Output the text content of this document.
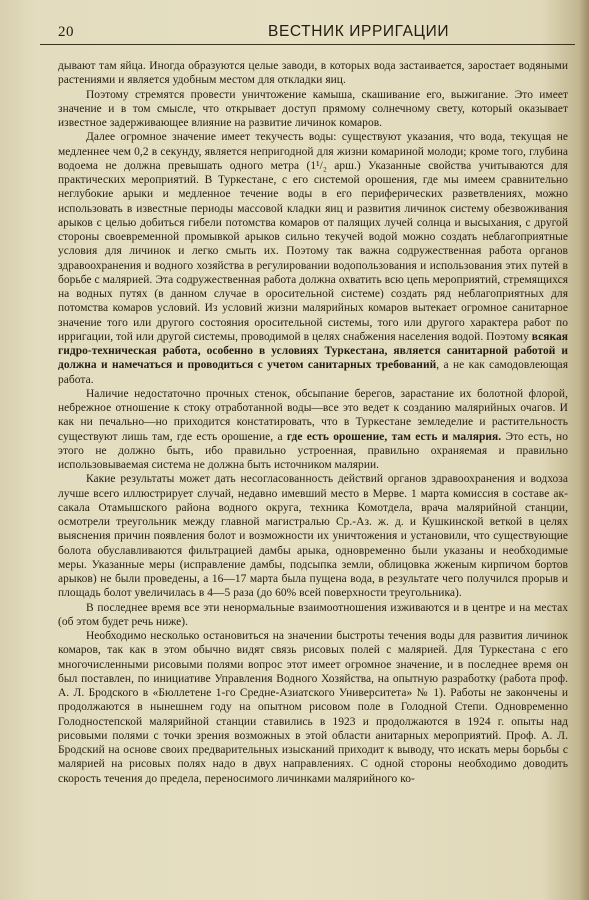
20	ВЕСТНИК ИРРИГАЦИИ

дывают там яйца. Иногда образуются целые заводи, в которых вода застаивается, заростает водяными растениями и является удобным местом для откладки яиц.

Поэтому стремятся провести уничтожение камыша, скашивание его, выжигание. Это имеет значение и в том смысле, что открывает доступ прямому солнечному свету, который оказывает известное задерживающее влияние на развитие личинок комаров.

Далее огромное значение имеет текучесть воды: существуют указания, что вода, текущая не медленнее чем 0,2 в секунду, является непригодной для жизни комариной молоди; кроме того, глубина водоема не должна превышать одного метра (1¹/₂ арш.) Указанные свойства учитываются для практических мероприятий. В Туркестане, с его системой орошения, где мы имеем сравнительно неглубокие арыки и медленное течение воды в его периферических разветвлениях, можно использовать в известные периоды массовой кладки яиц и развития личинок систему обезвоживания арыков с целью добиться гибели потомства комаров от палящих лучей солнца и высыхания, с другой стороны своевременной промывкой арыков сильно текучей водой можно создать неблагоприятные условия для личинок и легко смыть их. Поэтому так важна содружественная работа органов здравоохранения и водного хозяйства в регулировании водопользования и использования этих путей в борьбе с малярией. Эта содружественная работа должна охватить всю цепь мероприятий, стремящихся на водных путях (в данном случае в оросительной системе) создать ряд неблагоприятных для потомства комаров условий. Из условий жизни малярийных комаров вытекает огромное санитарное значение того или другого состояния оросительной системы, того или другого характера работ по ирригации, той или другой системы, проводимой в целях снабжения населения водой. Поэтому всякая гидро-техническая работа, особенно в условиях Туркестана, является санитарной работой и должна и намечаться и проводиться с учетом санитарных требований, а не как самодовлеющая работа.

Наличие недостаточно прочных стенок, обсыпание берегов, зарастание их болотной флорой, небрежное отношение к стоку отработанной воды—все это ведет к созданию малярийных очагов. И как ни печально—но приходится констатировать, что в Туркестане земледелие и растительность существуют лишь там, где есть орошение, а где есть орошение, там есть и малярия. Это есть, но этого не должно быть, ибо правильно устроенная, правильно охраняемая и правильно использовываемая система не должна быть источником малярии.

Какие результаты может дать несогласованность действий органов здравоохранения и водхоза лучше всего иллюстрирует случай, недавно имевший место в Мерве. 1 марта комиссия в составе ак-сакала Отамышского района водного округа, техника Комотдела, врача малярийной станции, осмотрели треугольник между главной магистралью Ср.-Аз. ж. д. и Кушкинской веткой в целях выяснения причин появления болот и возможности их уничтожения и установили, что существующие болота обуславливаются фильтрацией дамбы арыка, одновременно были указаны и необходимые меры. Указанные меры (исправление дамбы, подсыпка земли, облицовка жженым кирпичом бортов арыков) не были проведены, а 16—17 марта была пущена вода, в результате чего получился прорыв и площадь болот увеличилась в 4—5 раза (до 60% всей поверхности треугольника).

В последнее время все эти ненормальные взаимоотношения изживаются и в центре и на местах (об этом будет речь ниже).

Необходимо несколько остановиться на значении быстроты течения воды для развития личинок комаров, так как в этом обычно видят связь рисовых полей с малярией. Для Туркестана с его многочисленными рисовыми полями вопрос этот имеет огромное значение, и в последнее время он был поставлен, по инициативе Управления Водного Хозяйства, на опытную разработку (работа проф. А. Л. Бродского в «Бюллетене 1-го Средне-Азиатского Университета» № 1). Работы не закончены и продолжаются в нынешнем году на опытном рисовом поле в Голодной Степи. Одновременно Голодностепской малярийной станции ставились в 1923 и продолжаются в 1924 г. опыты над рисовыми полями с точки зрения возможных в этой области анитарных мероприятий. Проф. А. Л. Бродский на основе своих предварительных изысканий приходит к выводу, что искать меры борьбы с малярией на рисовых полях надо в двух направлениях. С одной стороны необходимо доводить скорость течения до предела, переносимого личинками малярийного ко-
